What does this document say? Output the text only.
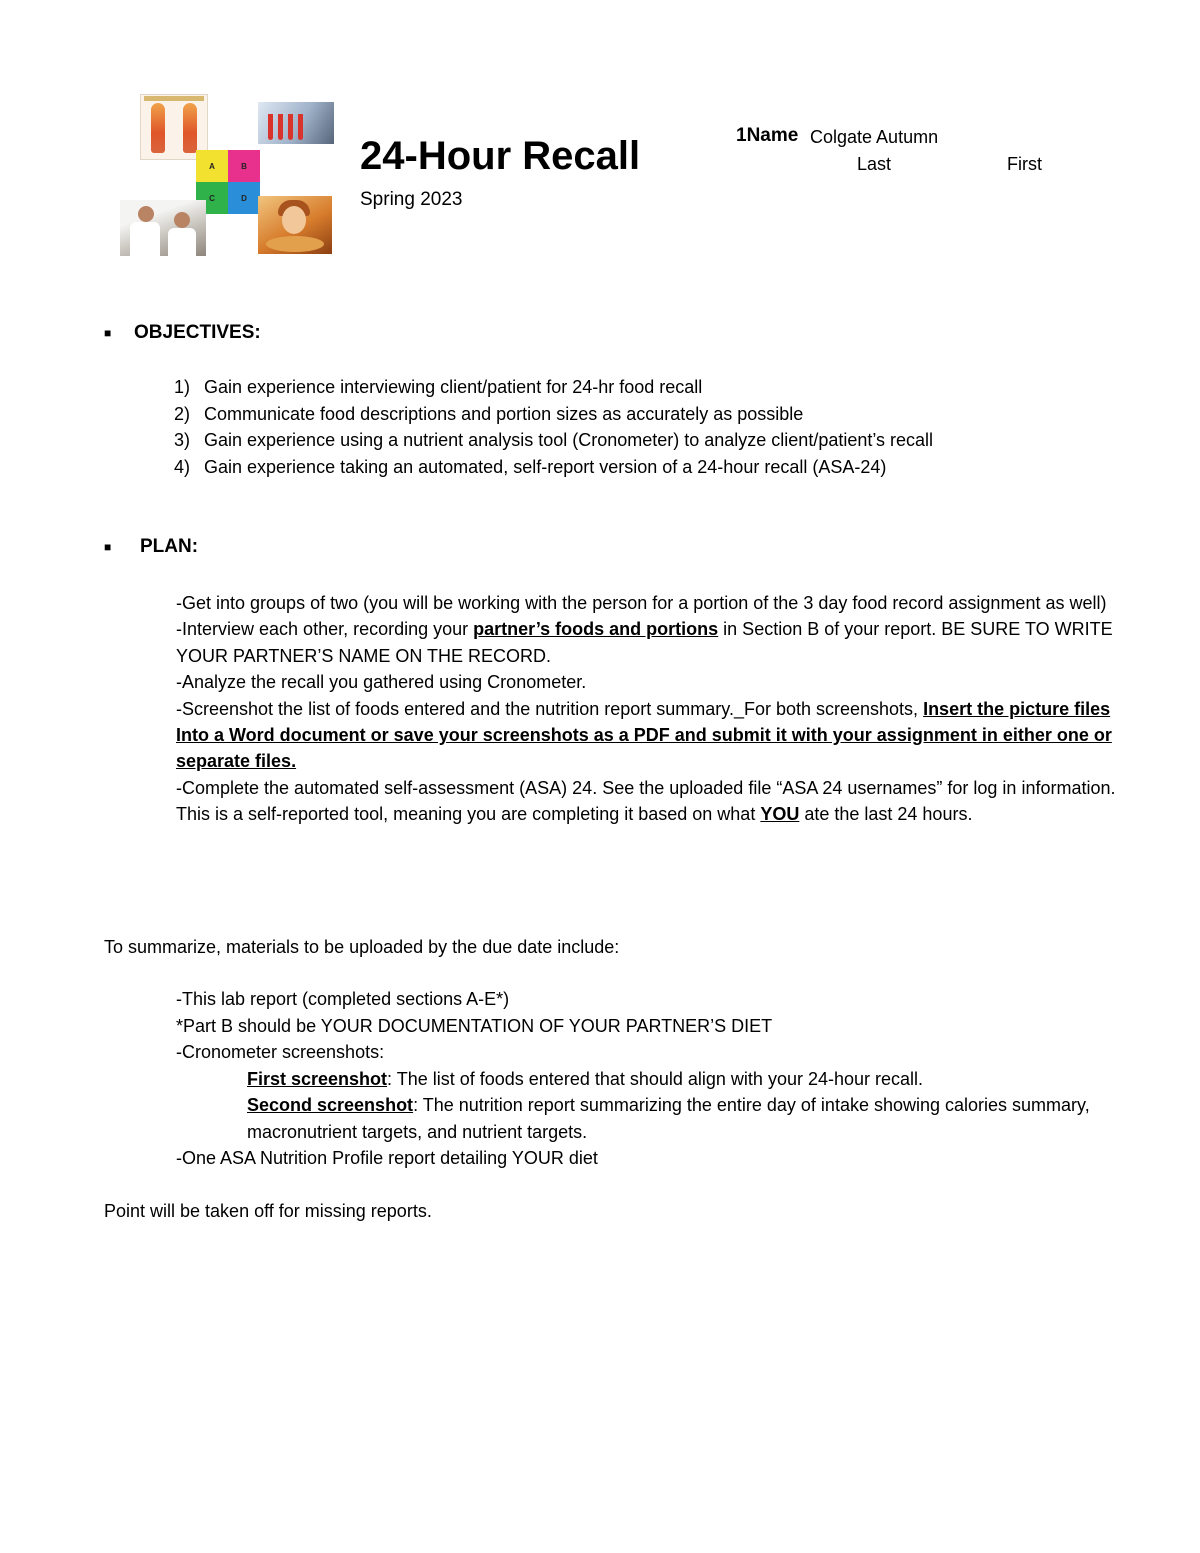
A	B
C	D
24-Hour Recall
Spring 2023
1Name Colgate Autumn
Last	First
■	OBJECTIVES:
1) Gain experience interviewing client/patient for 24-hr food recall
2) Communicate food descriptions and portion sizes as accurately as possible
3) Gain experience using a nutrient analysis tool (Cronometer) to analyze client/patient’s recall
4) Gain experience taking an automated, self-report version of a 24-hour recall (ASA-24)
■	PLAN:

-Get into groups of two (you will be working with the person for a portion of the 3 day food record assignment as well)

-Interview each other, recording your partner’s foods and portions in Section B of your report. BE SURE TO WRITE YOUR PARTNER’S NAME ON THE RECORD.

-Analyze the recall you gathered using Cronometer.

-Screenshot the list of foods entered and the nutrition report summary._For both screenshots, Insert the picture files Into a Word document or save your screenshots as a PDF and submit it with your assignment in either one or separate files.

-Complete the automated self-assessment (ASA) 24. See the uploaded file “ASA 24 usernames” for log in information. This is a self-reported tool, meaning you are completing it based on what YOU ate the last 24 hours.

To summarize, materials to be uploaded by the due date include:

-This lab report (completed sections A-E*)

*Part B should be YOUR DOCUMENTATION OF YOUR PARTNER’S DIET

-Cronometer screenshots:

First screenshot: The list of foods entered that should align with your 24-hour recall.

Second screenshot: The nutrition report summarizing the entire day of intake showing calories summary, macronutrient targets, and nutrient targets.

-One ASA Nutrition Profile report detailing YOUR diet

Point will be taken off for missing reports.
